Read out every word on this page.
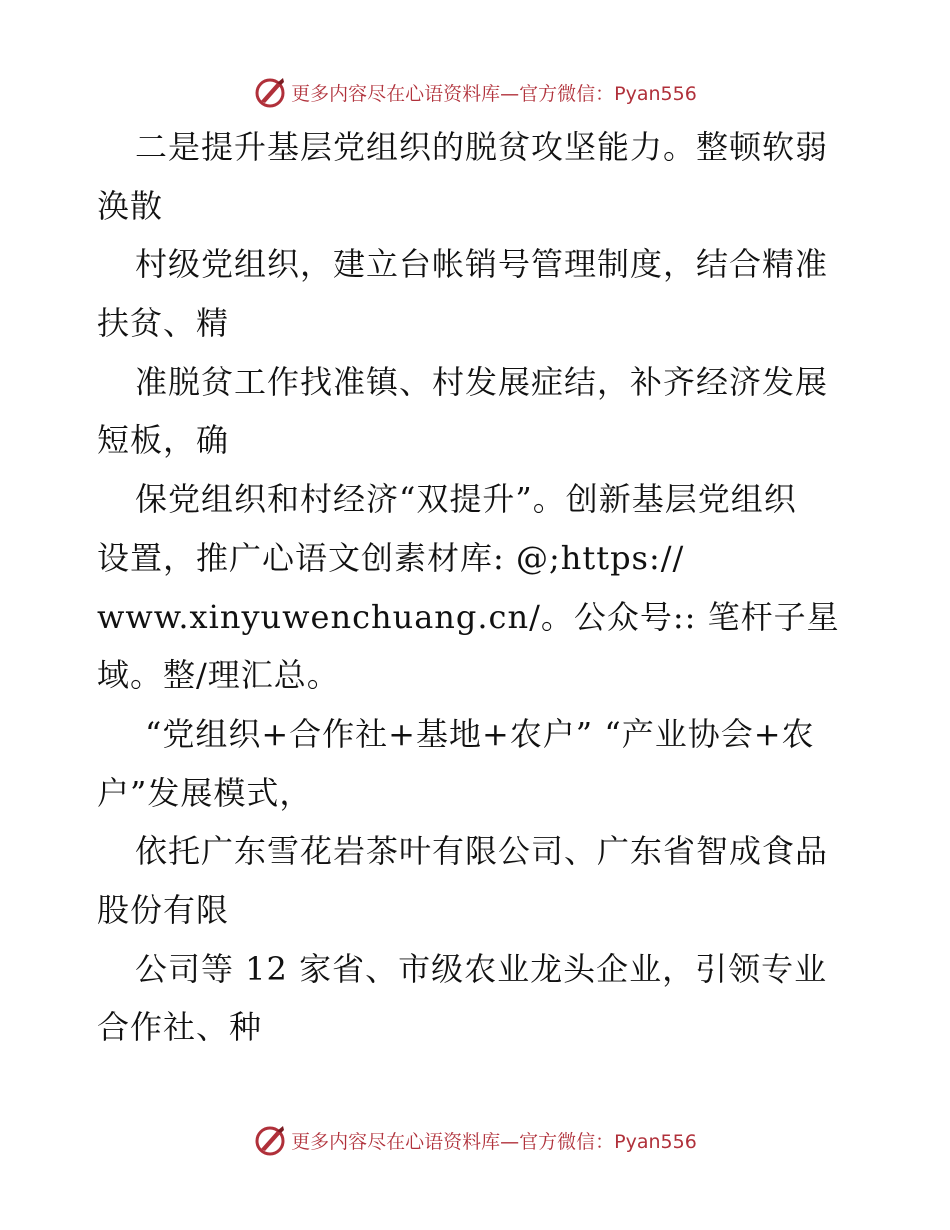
更多内容尽在心语资料库— 官方微信：Pyan556
二是提升基层党组织的脱贫攻坚能力。整顿软弱
涣散
村级党组织，建立台帐销号管理制度，结合精准
扶贫、精
准脱贫工作找准镇、村发展症结，补齐经济发展
短板，确
保党组织和村经济“双提升”。创新基层党组织
设置，推广心语文创素材库: @;https://
www.xinyuwenchuang.cn/。公众号:: 笔杆子星
域。整/理汇总。
“党组织+合作社+基地+农户” “产业协会+农
户”发展模式，
依托广东雪花岩茶叶有限公司、广东省智成食品
股份有限
公司等 12 家省、市级农业龙头企业，引领专业
合作社、种
更多内容尽在心语资料库— 官方微信：Pyan556
